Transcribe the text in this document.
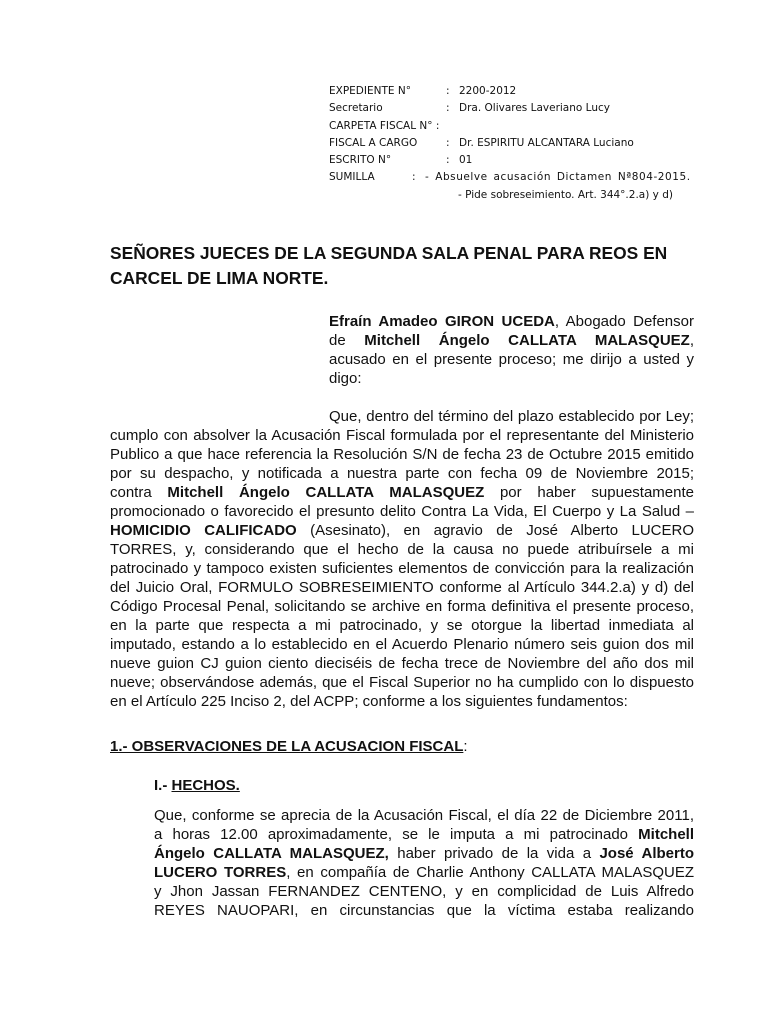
EXPEDIENTE N°	: 2200-2012
Secretario	: Dra. Olivares Laveriano Lucy
CARPETA FISCAL N° :
FISCAL A CARGO	: Dr. ESPIRITU ALCANTARA Luciano
ESCRITO N°	: 01
SUMILLA	: - Absuelve acusación Dictamen Nª804-2015.
- Pide sobreseimiento. Art. 344°.2.a) y d)
SEÑORES JUECES DE LA SEGUNDA SALA PENAL PARA REOS EN
CARCEL DE LIMA NORTE.
Efraín Amadeo GIRON UCEDA, Abogado Defensor
de Mitchell Ángelo CALLATA MALASQUEZ,
acusado en el presente proceso; me dirijo a usted y
digo:
Que, dentro del término del plazo establecido por Ley;
cumplo con absolver la Acusación Fiscal formulada por el representante del Ministerio
Publico a que hace referencia la Resolución S/N de fecha 23 de Octubre 2015 emitido
por su despacho, y notificada a nuestra parte con fecha 09 de Noviembre 2015;
contra Mitchell Ángelo CALLATA MALASQUEZ por haber supuestamente
promocionado o favorecido el presunto delito Contra La Vida, El Cuerpo y La Salud –
HOMICIDIO CALIFICADO (Asesinato), en agravio de José Alberto LUCERO
TORRES, y, considerando que el hecho de la causa no puede atribuírsele a mi
patrocinado y tampoco existen suficientes elementos de convicción para la realización
del Juicio Oral, FORMULO SOBRESEIMIENTO conforme al Artículo 344.2.a) y d) del
Código Procesal Penal, solicitando se archive en forma definitiva el presente proceso,
en la parte que respecta a mi patrocinado, y se otorgue la libertad inmediata al
imputado, estando a lo establecido en el Acuerdo Plenario número seis guion dos mil
nueve guion CJ guion ciento dieciséis de fecha trece de Noviembre del año dos mil
nueve; observándose además, que el Fiscal Superior no ha cumplido con lo dispuesto
en el Artículo 225 Inciso 2, del ACPP; conforme a los siguientes fundamentos:
1.- OBSERVACIONES DE LA ACUSACION FISCAL:
I.- HECHOS.
Que, conforme se aprecia de la Acusación Fiscal, el día 22 de Diciembre 2011,
a horas 12.00 aproximadamente, se le imputa a mi patrocinado Mitchell
Ángelo CALLATA MALASQUEZ, haber privado de la vida a José Alberto
LUCERO TORRES, en compañía de Charlie Anthony CALLATA MALASQUEZ
y Jhon Jassan FERNANDEZ CENTENO, y en complicidad de Luis Alfredo
REYES NAUOPARI, en circunstancias que la víctima estaba realizando
